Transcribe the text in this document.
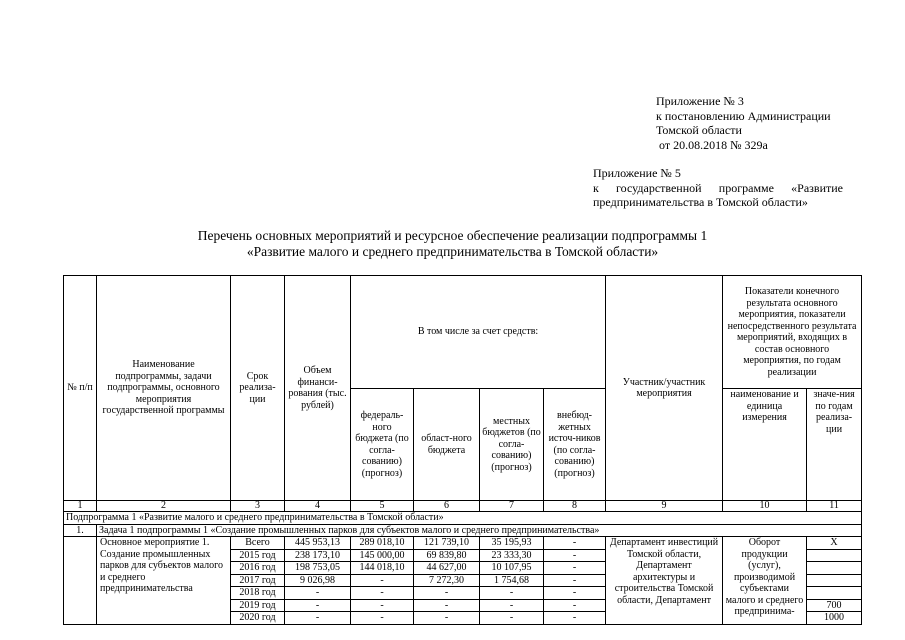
Приложение № 3
к постановлению Администрации
Томской области
от 20.08.2018 № 329а
Приложение № 5
к государственной программе «Развитие
предпринимательства в Томской области»
Перечень основных мероприятий и ресурсное обеспечение реализации подпрограммы 1
«Развитие малого и среднего предпринимательства в Томской области»
№ п/п	Наименование подпрограммы, задачи подпрограммы, основного мероприятия государственной программы	Срок реализа-ции	Объем финанси-рования (тыс. рублей)	В том числе за счет средств:				Участник/участник мероприятия	Показатели конечного результата основного мероприятия, показатели непосредственного результата мероприятий, входящих в состав основного мероприятия, по годам реализации	
				федераль-ного бюджета (по согла-сованию) (прогноз)	област-ного бюджета	местных бюджетов (по согла-сованию) (прогноз)	внебюд-жетных источ-ников (по согла-сованию) (прогноз)		наименование и единица измерения	значе-ния по годам реализа-ции

1	2	3	4	5	6	7	8	9	10	11
Подпрограмма 1 «Развитие малого и среднего предпринимательства в Томской области»										
1.	Задача 1 подпрограммы 1 «Создание промышленных парков для субъектов малого и среднего предпринимательства»									
	Основное мероприятие 1. Создание промышленных парков для субъектов малого и среднего предпринимательства	Всего	445 953,13	289 018,10	121 739,10	35 195,93	-	Департамент инвестиций Томской области, Департамент архитектуры и строительства Томской области, Департамент	Оборот продукции (услуг), производимой субъектами малого и среднего предпринима-	Х
		2015 год	238 173,10	145 000,00	69 839,80	23 333,30	-			
		2016 год	198 753,05	144 018,10	44 627,00	10 107,95	-			
		2017 год	9 026,98	-	7 272,30	1 754,68	-			
		2018 год	-	-	-	-	-			
		2019 год	-	-	-	-	-			700
		2020 год	-	-	-	-	-			1000
